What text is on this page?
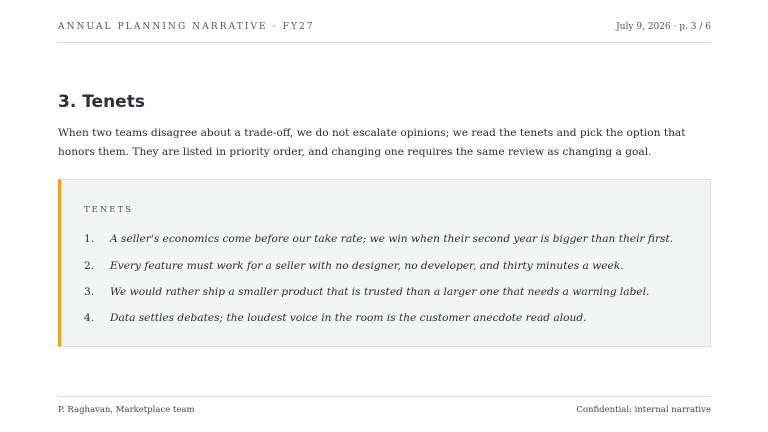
ANNUAL PLANNING NARRATIVE · FY27	July 9, 2026 · p. 3 / 6
3. Tenets

When two teams disagree about a trade-off, we do not escalate opinions; we read the tenets and pick the option that honors them. They are listed in priority order, and changing one requires the same review as changing a goal.

TENETS
1. A seller's economics come before our take rate; we win when their second year is bigger than their first.
2. Every feature must work for a seller with no designer, no developer, and thirty minutes a week.
3. We would rather ship a smaller product that is trusted than a larger one that needs a warning label.
4. Data settles debates; the loudest voice in the room is the customer anecdote read aloud.
P. Raghavan, Marketplace team	Confidential: internal narrative
